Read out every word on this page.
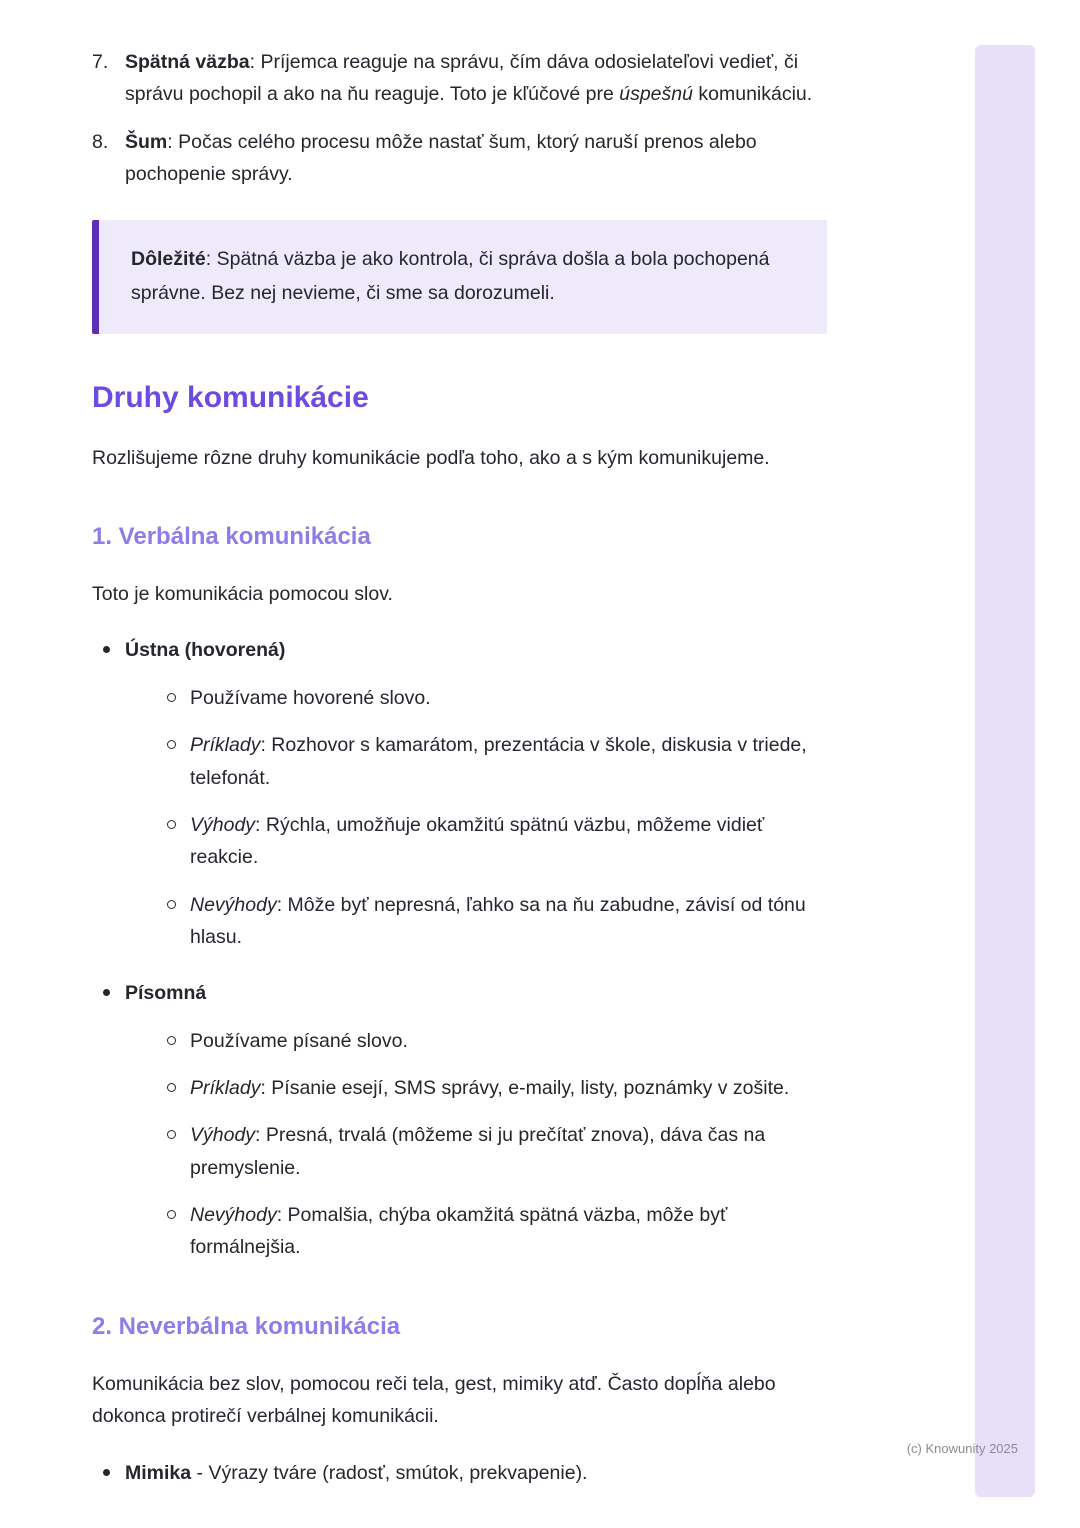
7. Spätná väzba: Príjemca reaguje na správu, čím dáva odosielateľovi vedieť, či správu pochopil a ako na ňu reaguje. Toto je kľúčové pre úspešnú komunikáciu.
8. Šum: Počas celého procesu môže nastať šum, ktorý naruší prenos alebo pochopenie správy.
Dôležité: Spätná väzba je ako kontrola, či správa došla a bola pochopená správne. Bez nej nevieme, či sme sa dorozumeli.
Druhy komunikácie

Rozlišujeme rôzne druhy komunikácie podľa toho, ako a s kým komunikujeme.

1. Verbálna komunikácia

Toto je komunikácia pomocou slov.

Ústna (hovorená)
Používame hovorené slovo.
Príklady: Rozhovor s kamarátom, prezentácia v škole, diskusia v triede, telefonát.
Výhody: Rýchla, umožňuje okamžitú spätnú väzbu, môžeme vidieť reakcie.
Nevýhody: Môže byť nepresná, ľahko sa na ňu zabudne, závisí od tónu hlasu.
Písomná
Používame písané slovo.
Príklady: Písanie esejí, SMS správy, e-maily, listy, poznámky v zošite.
Výhody: Presná, trvalá (môžeme si ju prečítať znova), dáva čas na premyslenie.
Nevýhody: Pomalšia, chýba okamžitá spätná väzba, môže byť formálnejšia.
2. Neverbálna komunikácia

Komunikácia bez slov, pomocou reči tela, gest, mimiky atď. Často dopĺňa alebo dokonca protirečí verbálnej komunikácii.

Mimika - Výrazy tváre (radosť, smútok, prekvapenie).
(c) Knowunity 2025
